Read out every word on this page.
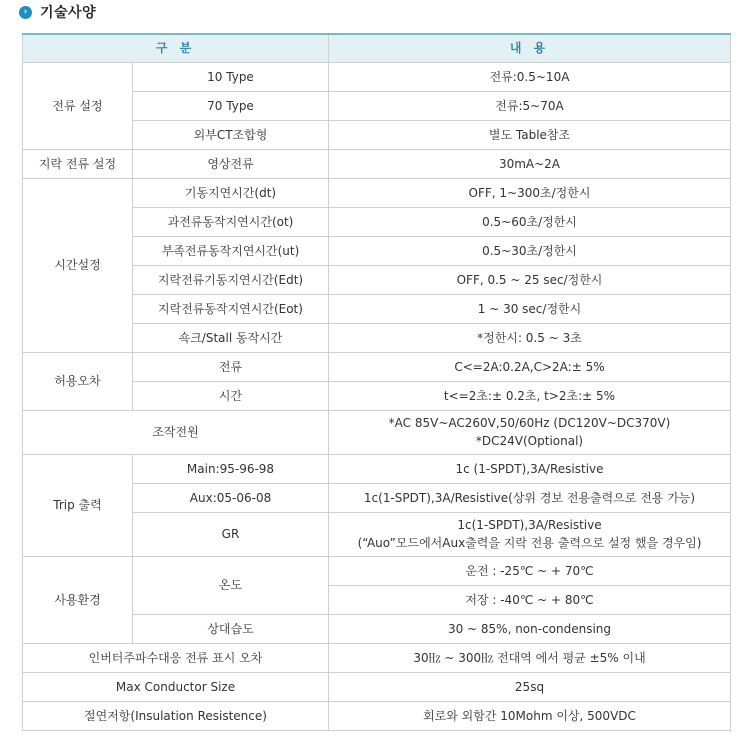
› 기술사양
구 분		내 용
전류 설정	10 Type	전류:0.5~10A

	70 Type	전류:5~70A

	외부CT조합형	별도 Table참조

지락 전류 설정	영상전류	30mA~2A

시간설정	기동지연시간(dt)	OFF, 1~300초/정한시

	과전류동작지연시간(ot)	0.5~60초/정한시

	부족전류동작지연시간(ut)	0.5~30초/정한시

	지락전류기동지연시간(Edt)	OFF, 0.5 ~ 25 sec/정한시

	지락전류동작지연시간(Eot)	1 ~ 30 sec/정한시

	쇽크/Stall 동작시간	*정한시: 0.5 ~ 3초

허용오차	전류	C<=2A:0.2A,C>2A:± 5%

	시간	t<=2초:± 0.2초, t>2초:± 5%

조작전원		*AC 85V~AC260V,50/60Hz (DC120V~DC370V)
*DC24V(Optional)

Trip 출력	Main:95-96-98	1c (1-SPDT),3A/Resistive

	Aux:05-06-08	1c(1-SPDT),3A/Resistive(상위 경보 전용출력으로 전용 가능)

	GR	1c(1-SPDT),3A/Resistive
(“Auo”모드에서Aux출력을 지락 전용 출력으로 설정 했을 경우임)

사용환경	온도	운전 : -25℃ ~ + 70℃

		저장 : -40℃ ~ + 80℃

	상대습도	30 ~ 85%, non-condensing

인버터주파수대응 전류 표시 오차		30㎐ ~ 300㎐ 전대역 에서 평균 ±5% 이내

Max Conductor Size		25sq

절연저항(Insulation Resistence)		회로와 외함간 10Mohm 이상, 500VDC
